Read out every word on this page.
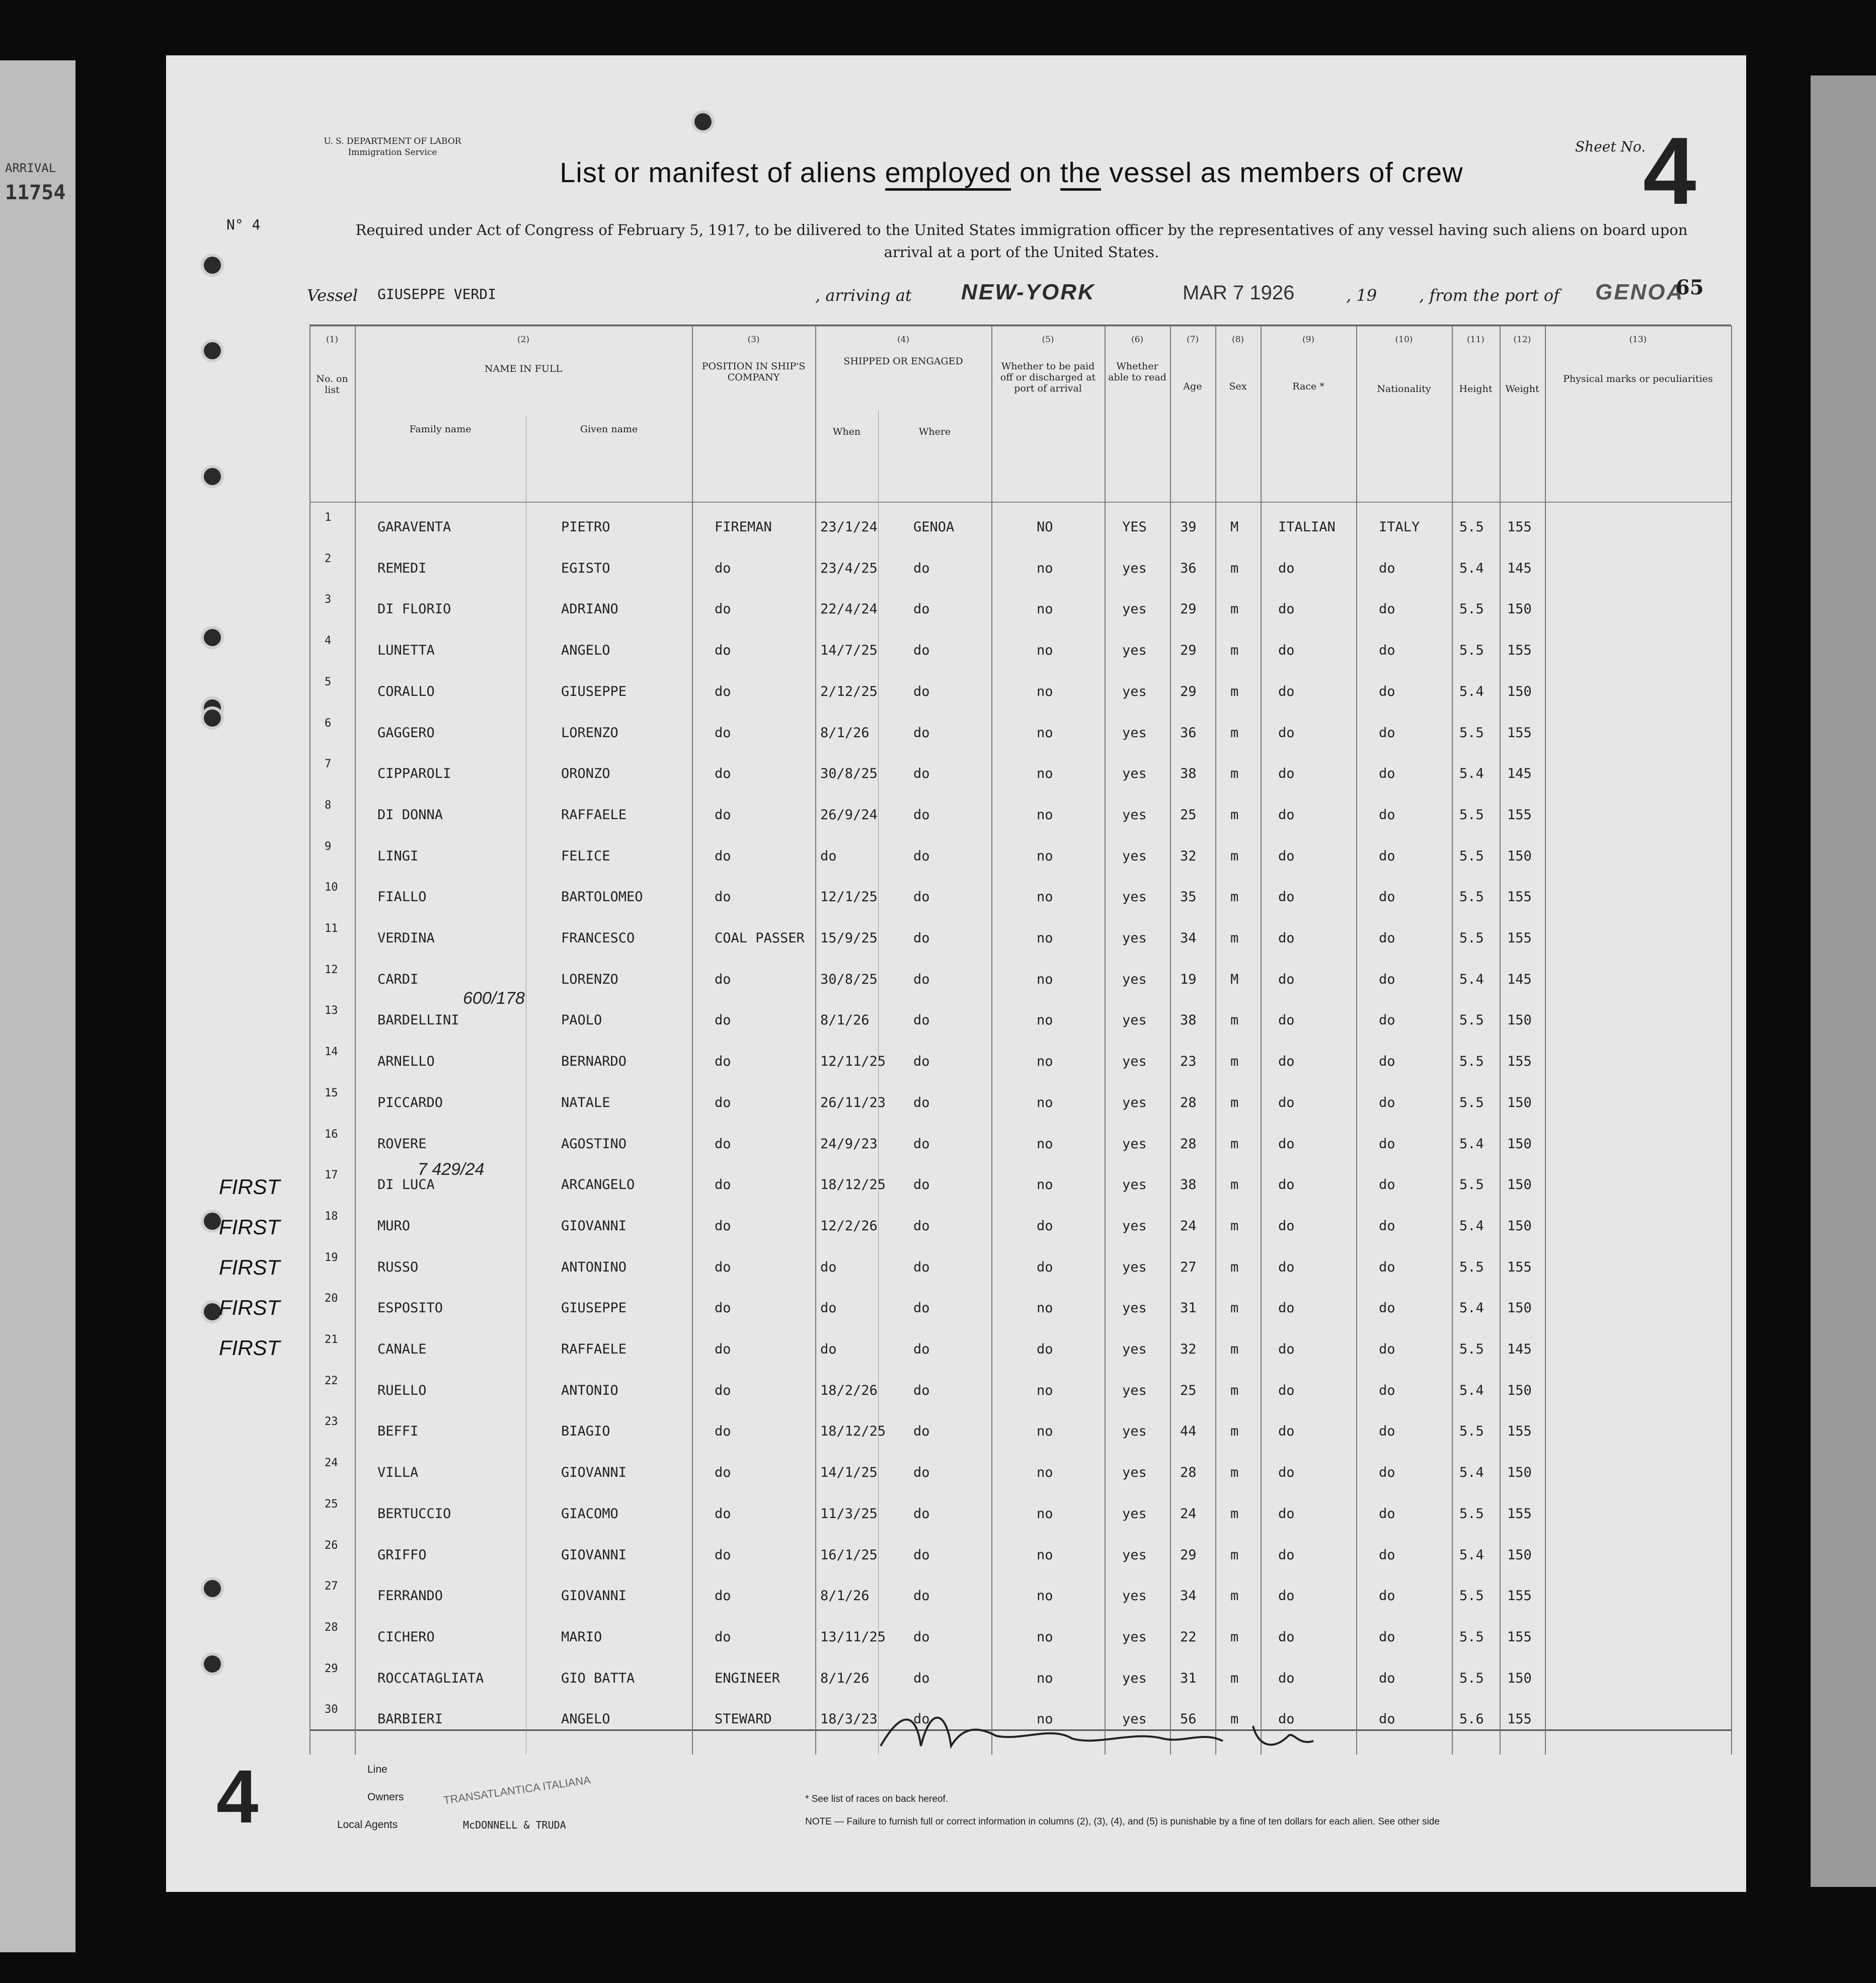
ARRIVAL
11754
U. S. DEPARTMENT OF LABOR
Immigration Service
List or manifest of aliens employed on the vessel as members of crew
Sheet No.
4
N° 4	Required under Act of Congress of February 5, 1917, to be dilivered to the United States immigration officer by the representatives of any vessel having such aliens on board upon arrival at a port of the United States.
Vessel GIUSEPPE VERDI	, arriving at NEW-YORK	MAR 7 1926	, 19	, from the port of GENOA
65
(1)	(2)	(3)	(4)	(5)	(6)	(7)	(8)	(9)	(10)	(11)	(12)	(13)
No. on list
NAME IN FULL
Family name	Given name
POSITION IN SHIP'S COMPANY
SHIPPED OR ENGAGED
When	Where
Whether to be paid off or discharged at port of arrival
Whether able to read
Age	Sex	Race *	Nationality	Height	Weight
Physical marks or peculiarities
1
GARAVENTA	PIETRO	FIREMAN	23/1/24	GENOA	NO	YES 39 M	ITALIAN	ITALY	5.5 155
2
REMEDI	EGISTO	do	23/4/25	do	no	yes 36 m	do	do	5.4 145
3
DI FLORIO	ADRIANO	do	22/4/24	do	no	yes 29 m	do	do	5.5 150
4
LUNETTA	ANGELO	do	14/7/25	do	no	yes 29 m	do	do	5.5 155
5
CORALLO	GIUSEPPE	do	2/12/25	do	no	yes 29 m	do	do	5.4 150
6
GAGGERO	LORENZO	do	8/1/26	do	no	yes 36 m	do	do	5.5 155
7
CIPPAROLI	ORONZO	do	30/8/25	do	no	yes 38 m	do	do	5.4 145
8
DI DONNA	RAFFAELE	do	26/9/24	do	no	yes 25 m	do	do	5.5 155
9
LINGI	FELICE	do	do	do	no	yes 32 m	do	do	5.5 150
10
FIALLO	BARTOLOMEO	do	12/1/25	do	no	yes 35 m	do	do	5.5 155
11
VERDINA	FRANCESCO	COAL PASSER 15/9/25	do	no	yes 34 m	do	do	5.5 155
12
CARDI	LORENZO	do	30/8/25	do	no	yes 19 M	do	do	5.4 145
13
BARDELLINI	PAOLO	do	8/1/26	do	no	yes 38 m	do	do	5.5 150
14
ARNELLO	BERNARDO	do	12/11/25 do	no	yes 23 m	do	do	5.5 155
15
PICCARDO	NATALE	do	26/11/23 do	no	yes 28 m	do	do	5.5 150
16
ROVERE	AGOSTINO	do	24/9/23	do	no	yes 28 m	do	do	5.4 150
17
DI LUCA	ARCANGELO	do	18/12/25 do	no	yes 38 m	do	do	5.5 150
18
MURO	GIOVANNI	do	12/2/26	do	do	yes 24 m	do	do	5.4 150
19
RUSSO	ANTONINO	do	do	do	do	yes 27 m	do	do	5.5 155
20
ESPOSITO	GIUSEPPE	do	do	do	no	yes 31 m	do	do	5.4 150
21
CANALE	RAFFAELE	do	do	do	do	yes 32 m	do	do	5.5 145
22
RUELLO	ANTONIO	do	18/2/26	do	no	yes 25 m	do	do	5.4 150
23
BEFFI	BIAGIO	do	18/12/25 do	no	yes 44 m	do	do	5.5 155
24
VILLA	GIOVANNI	do	14/1/25	do	no	yes 28 m	do	do	5.4 150
25
BERTUCCIO	GIACOMO	do	11/3/25	do	no	yes 24 m	do	do	5.5 155
26
GRIFFO	GIOVANNI	do	16/1/25	do	no	yes 29 m	do	do	5.4 150
27
FERRANDO	GIOVANNI	do	8/1/26	do	no	yes 34 m	do	do	5.5 155
28
CICHERO	MARIO	do	13/11/25 do	no	yes 22 m	do	do	5.5 155
29
ROCCATAGLIATA	GIO BATTA	ENGINEER	8/1/26	do	no	yes 31 m	do	do	5.5 150
30
BARBIERI	ANGELO	STEWARD	18/3/23	do	no	yes 56 m	do	do	5.6 155
FIRST
FIRST
FIRST
FIRST
FIRST
600/178
7 429/24
Line
Owners	TRANSATLANTICA ITALIANA
Local Agents	McDONNELL & TRUDA
* See list of races on back hereof.
NOTE — Failure to furnish full or correct information in columns (2), (3), (4), and (5) is punishable by a fine of ten dollars for each alien. See other side
4
